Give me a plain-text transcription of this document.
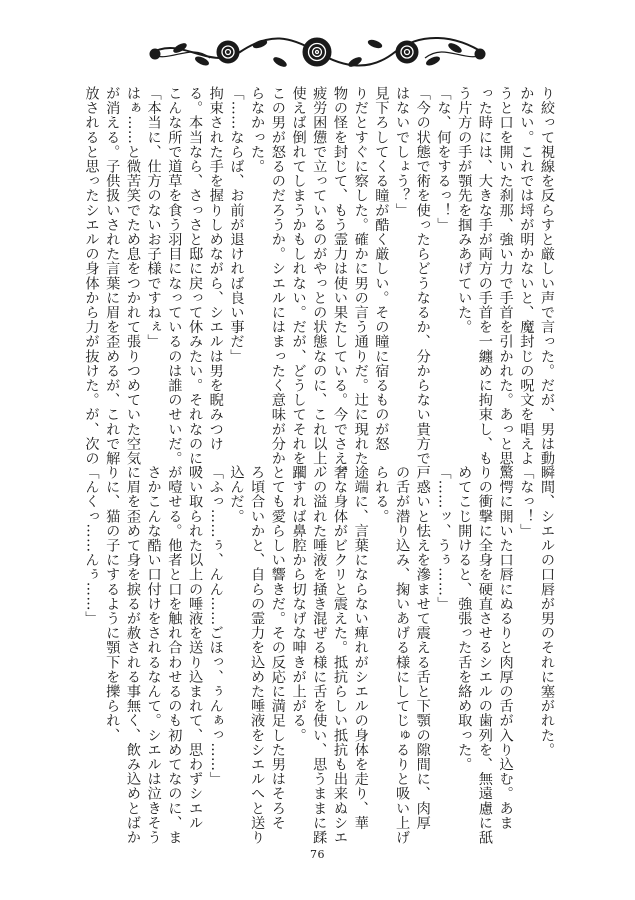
り絞って視線を反らすと厳しい声で言った。だが、男は動

かない。これでは埒が明かないと、魔封じの呪文を唱えよ

うと口を開いた刹那、強い力で手首を引かれた。あっと思

った時には、大きな手が両方の手首を一纏めに拘束し、も

う片方の手が顎先を掴みあげていた。

「な、何をするっ！」

「今の状態で術を使ったらどうなるか、分からない貴方で

はないでしょう？」

見下ろしてくる瞳が酷く厳しい。その瞳に宿るものが怒

りだとすぐに察した。確かに男の言う通りだ。辻に現れた

物の怪を封じて、もう霊力は使い果たしている。今でさえ、

疲労困憊で立っているのがやっとの状態なのに、これ以上、

使えば倒れてしまうかもしれない。だが、どうしてそれを

この男が怒るのだろうか。シエルにはまったく意味が分か

らなかった。

「……ならば、お前が退ければ良い事だ」

拘束された手を握りしめながら、シエルは男を睨みつけ

る。本当なら、さっさと邸に戻って休みたい。それなのに、

こんな所で道草を食う羽目になっているのは誰のせいだ。

「本当に、仕方のないお子様ですねぇ」

はぁ……と微苦笑でため息をつかれて張りつめていた空気

が消える。子供扱いされた言葉に眉を歪めるが、これで解

放されると思ったシエルの身体から力が抜けた。が、次の

瞬間、シエルの口唇が男のそれに塞がれた。

「なっ！」

驚愕に開いた口唇にぬるりと肉厚の舌が入り込む。あま

りの衝撃に全身を硬直させるシエルの歯列を、無遠慮に舐

めてこじ開けると、強張った舌を絡め取った。

「……ッ、うぅ……」

戸惑いと怯えを滲ませて震える舌と下顎の隙間に、肉厚

の舌が潜り込み、掬いあげる様にしてじゅるりと吸い上げ

られる。

途端に、言葉にならない痺れがシエルの身体を走り、華

奢な身体がビクリと震えた。抵抗らしい抵抗も出来ぬシエ

ルの溢れた唾液を掻き混ぜる様に舌を使い、思うままに蹂

躙すれば鼻腔から切なげな呻きが上がる。

とても愛らしい響きだ。その反応に満足した男はそろそ

ろ頃合いかと、自らの霊力を込めた唾液をシエルへと送り

込んだ。

「ふっ……ぅ、んん……ごほっ、ぅんぁっ……」

吸い取られた以上の唾液を送り込まれて、思わずシエル

が噎せる。他者と口を触れ合わせるのも初めてなのに、ま

さかこんな酷い口付けをされるなんて。シエルは泣きそう

に眉を歪めて身を捩るが赦される事無く、飲み込めとばか

りに、猫の子にするように顎下を擽られ、

「んくっ……んぅ……」

76
